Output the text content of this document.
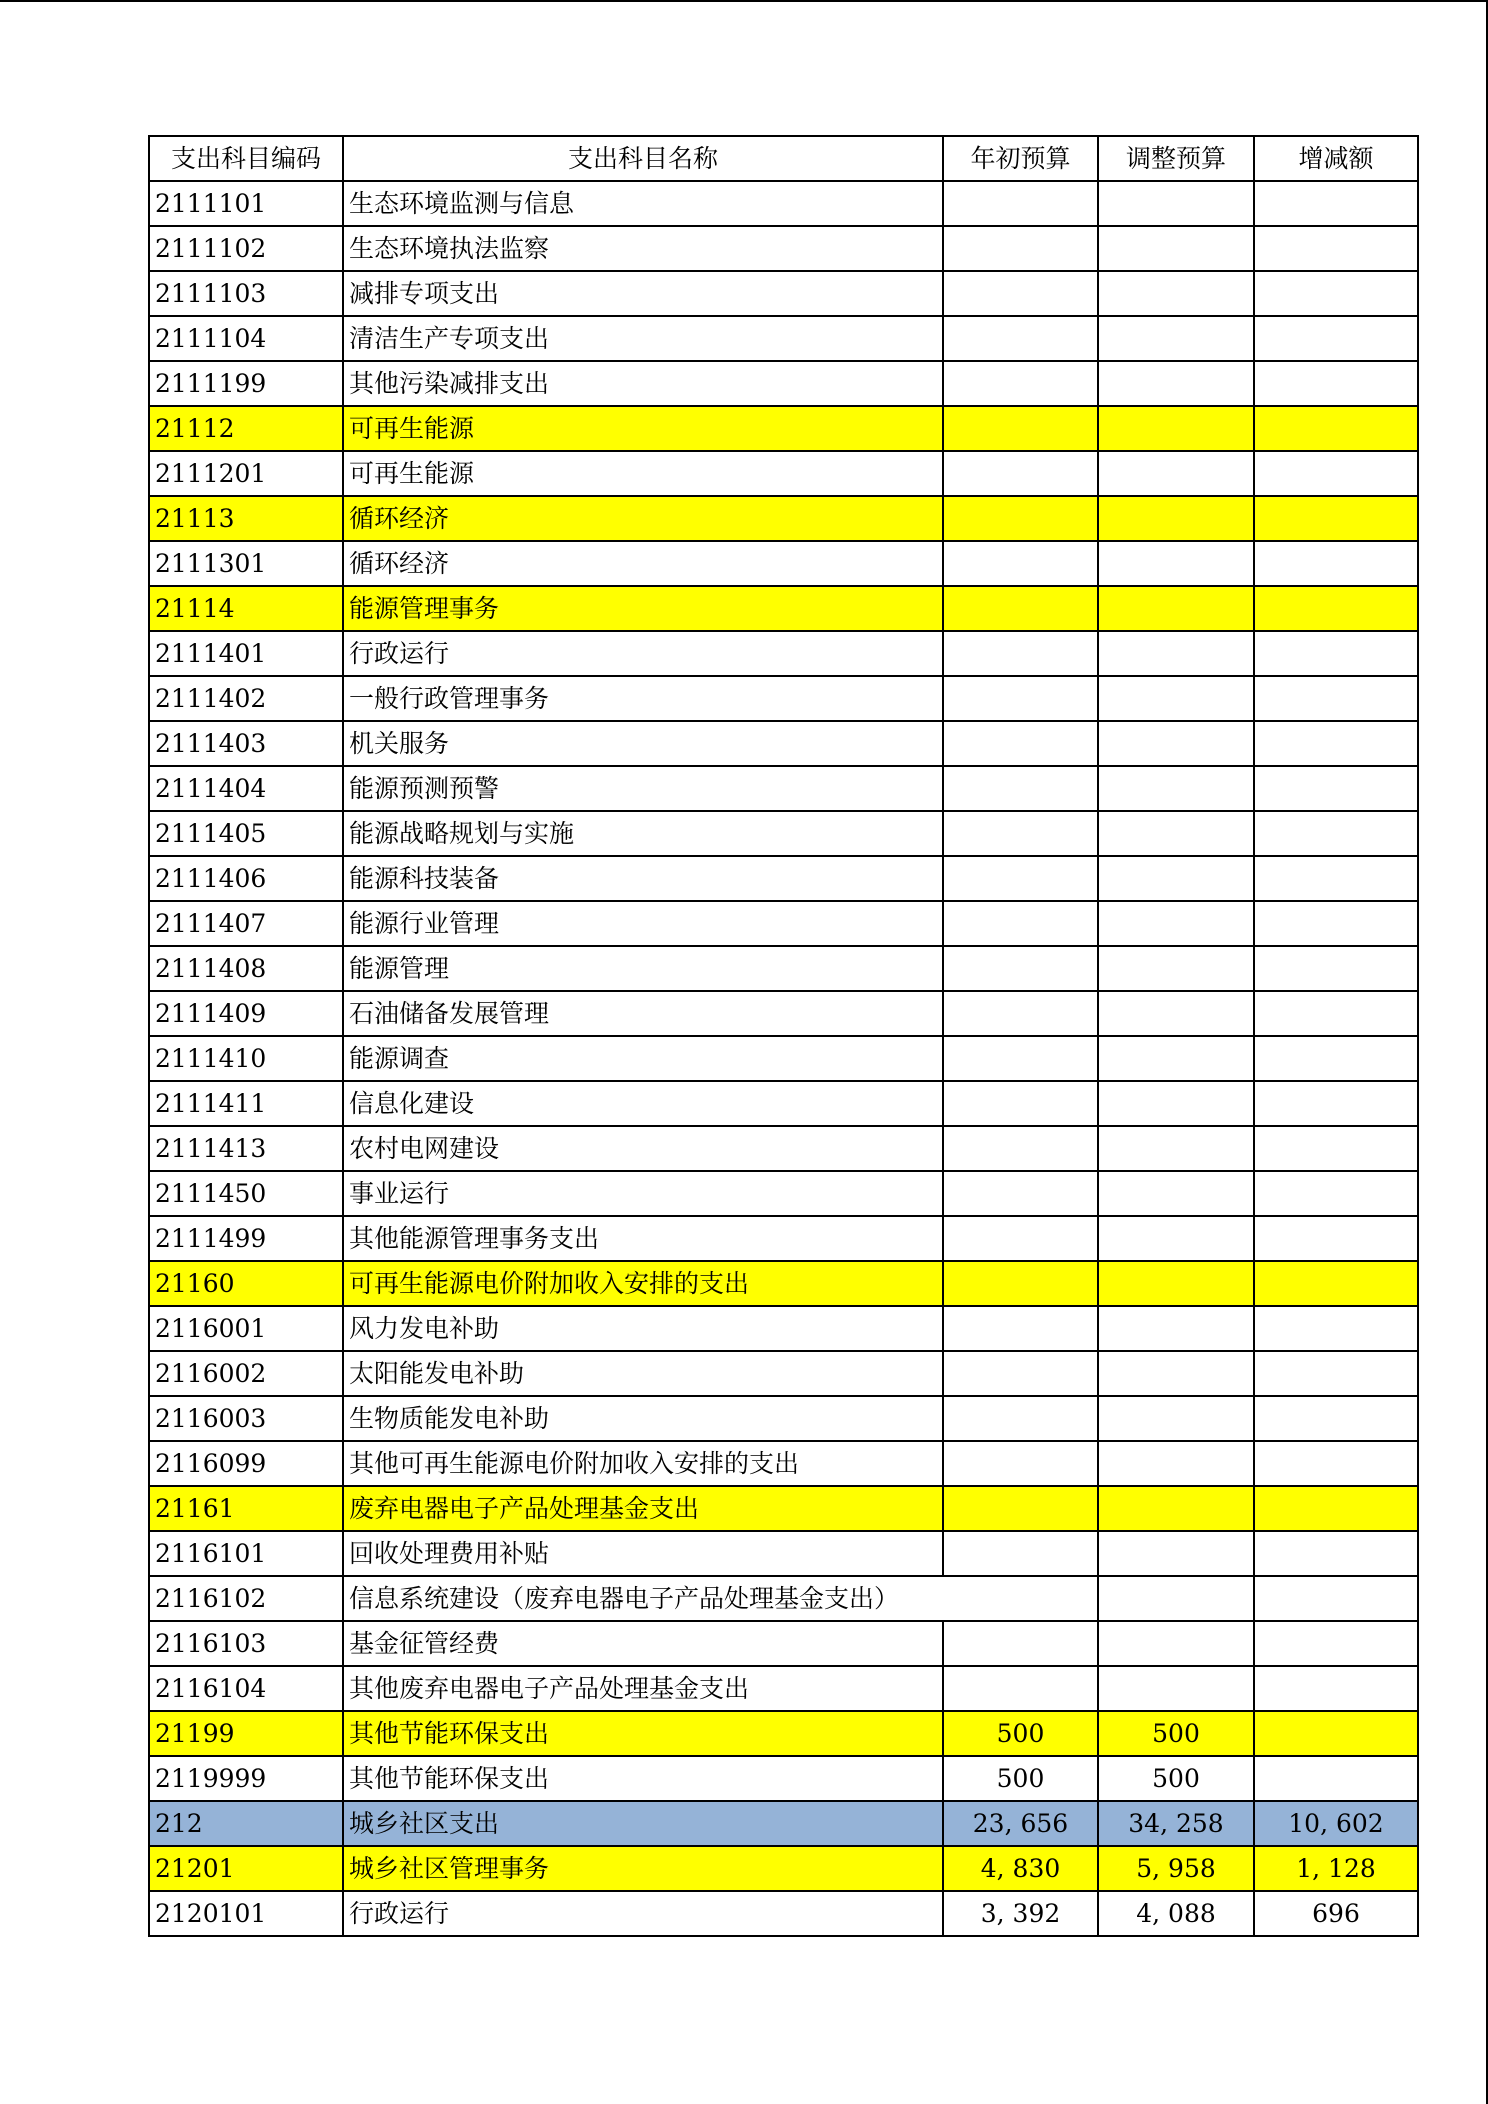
支出科目编码	支出科目名称	年初预算	调整预算	增减额
2111101	生态环境监测与信息			
2111102	生态环境执法监察			
2111103	减排专项支出			
2111104	清洁生产专项支出			
2111199	其他污染减排支出			
21112	可再生能源			
2111201	可再生能源			
21113	循环经济			
2111301	循环经济			
21114	能源管理事务			
2111401	行政运行			
2111402	一般行政管理事务			
2111403	机关服务			
2111404	能源预测预警			
2111405	能源战略规划与实施			
2111406	能源科技装备			
2111407	能源行业管理			
2111408	能源管理			
2111409	石油储备发展管理			
2111410	能源调查			
2111411	信息化建设			
2111413	农村电网建设			
2111450	事业运行			
2111499	其他能源管理事务支出			
21160	可再生能源电价附加收入安排的支出			
2116001	风力发电补助			
2116002	太阳能发电补助			
2116003	生物质能发电补助			
2116099	其他可再生能源电价附加收入安排的支出			
21161	废弃电器电子产品处理基金支出			
2116101	回收处理费用补贴			
2116102	信息系统建设（废弃电器电子产品处理基金支出）			
2116103	基金征管经费			
2116104	其他废弃电器电子产品处理基金支出			
21199	其他节能环保支出	500	500	
2119999	其他节能环保支出	500	500	
212	城乡社区支出	23, 656	34, 258	10, 602
21201	城乡社区管理事务	4, 830	5, 958	1, 128
2120101	行政运行	3, 392	4, 088	696
